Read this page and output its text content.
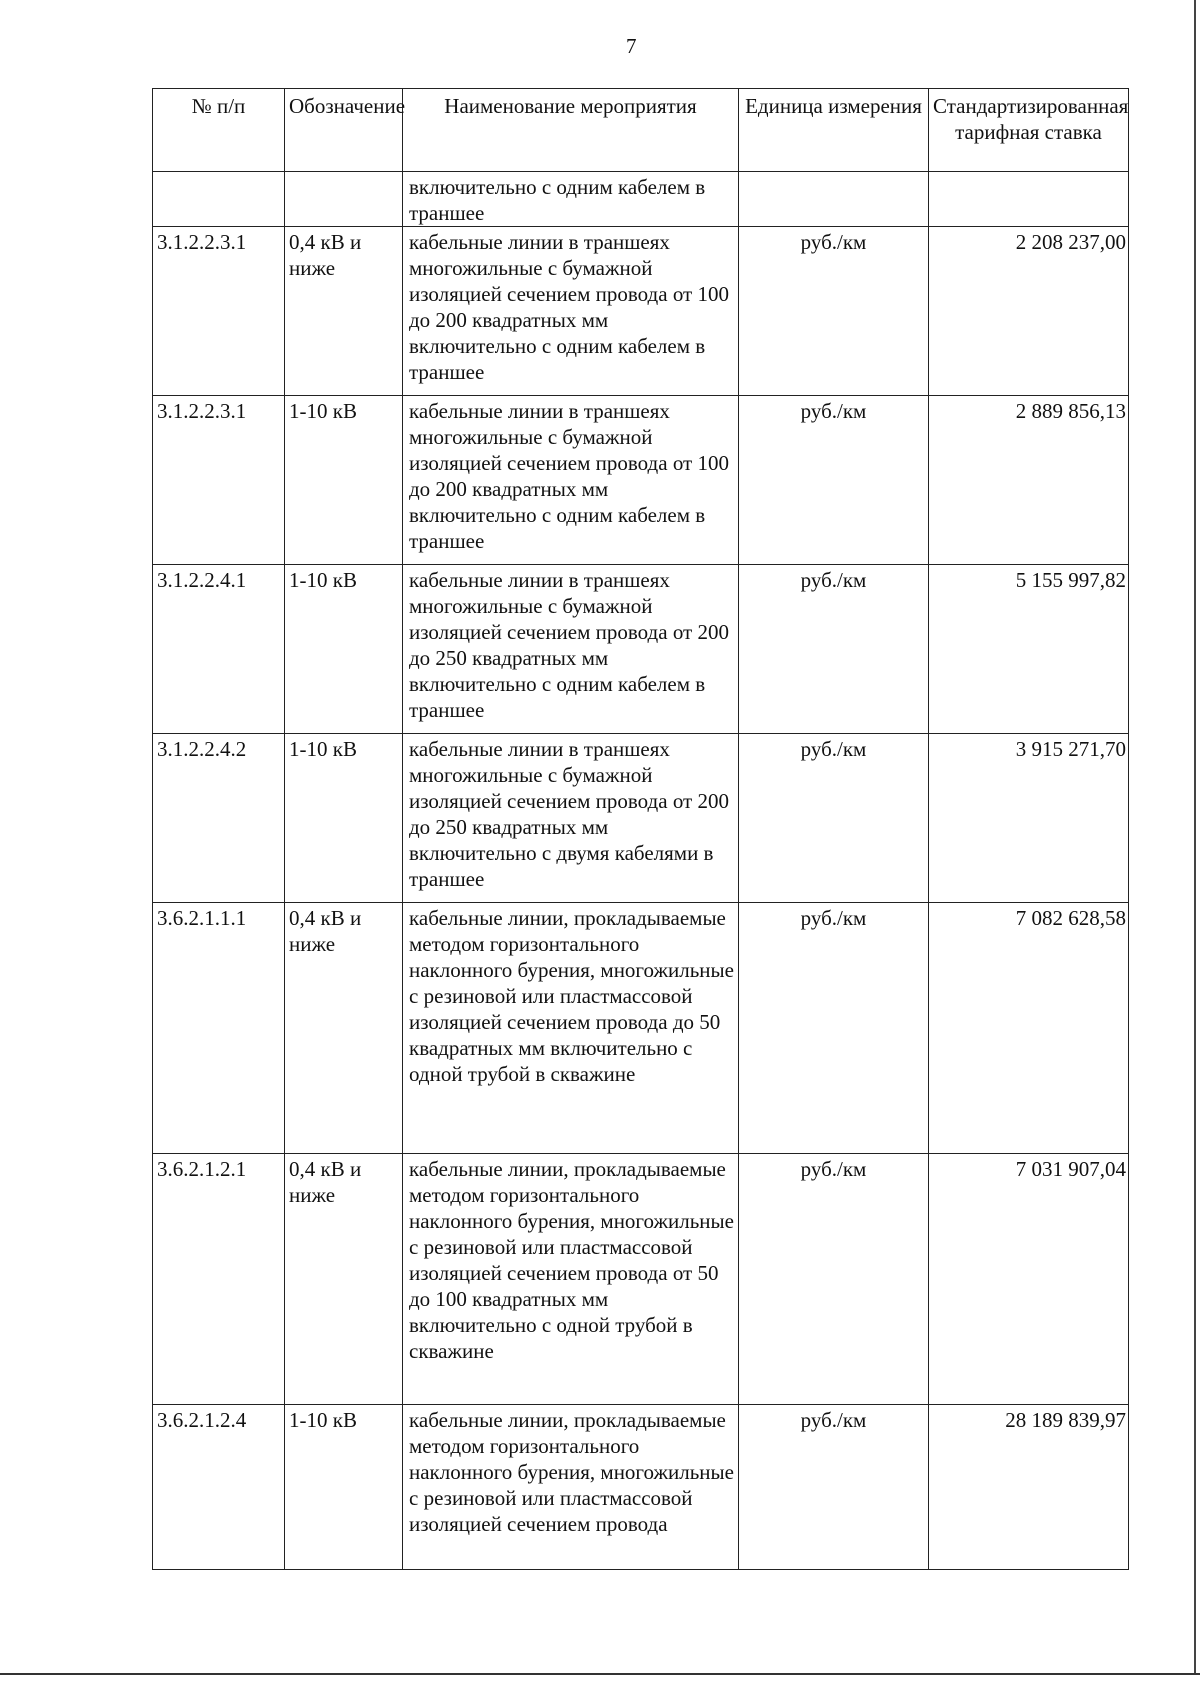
7
№ п/п	Обозначение	Наименование мероприятия	Единица измерения	Стандартизированная тарифная ставка
		включительно с одним кабелем в траншее		
3.1.2.2.3.1	0,4 кВ и ниже	кабельные линии в траншеях многожильные с бумажной изоляцией сечением провода от 100 до 200 квадратных мм включительно с одним кабелем в траншее	руб./км	2 208 237,00
3.1.2.2.3.1	1-10 кВ	кабельные линии в траншеях многожильные с бумажной изоляцией сечением провода от 100 до 200 квадратных мм включительно с одним кабелем в траншее	руб./км	2 889 856,13
3.1.2.2.4.1	1-10 кВ	кабельные линии в траншеях многожильные с бумажной изоляцией сечением провода от 200 до 250 квадратных мм включительно с одним кабелем в траншее	руб./км	5 155 997,82
3.1.2.2.4.2	1-10 кВ	кабельные линии в траншеях многожильные с бумажной изоляцией сечением провода от 200 до 250 квадратных мм включительно с двумя кабелями в траншее	руб./км	3 915 271,70
3.6.2.1.1.1	0,4 кВ и ниже	кабельные линии, прокладываемые методом горизонтального наклонного бурения, многожильные с резиновой или пластмассовой изоляцией сечением провода до 50 квадратных мм включительно с одной трубой в скважине	руб./км	7 082 628,58
3.6.2.1.2.1	0,4 кВ и ниже	кабельные линии, прокладываемые методом горизонтального наклонного бурения, многожильные с резиновой или пластмассовой изоляцией сечением провода от 50 до 100 квадратных мм включительно с одной трубой в скважине	руб./км	7 031 907,04
3.6.2.1.2.4	1-10 кВ	кабельные линии, прокладываемые методом горизонтального наклонного бурения, многожильные с резиновой или пластмассовой изоляцией сечением провода	руб./км	28 189 839,97
